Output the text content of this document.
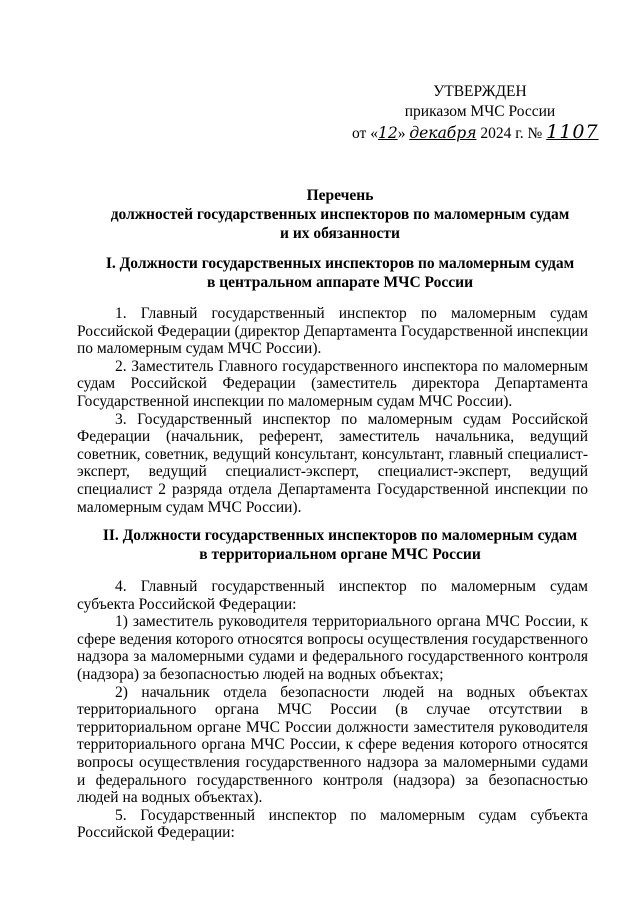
УТВЕРЖДЕН
приказом МЧС России
от «12» декабря 2024 г. № 1107
Перечень
должностей государственных инспекторов по маломерным судам
и их обязанности
I. Должности государственных инспекторов по маломерным судам
в центральном аппарате МЧС России

1. Главный государственный инспектор по маломерным судам Российской Федерации (директор Департамента Государственной инспекции по маломерным судам МЧС России).

2. Заместитель Главного государственного инспектора по маломерным судам Российской Федерации (заместитель директора Департамента Государственной инспекции по маломерным судам МЧС России).

3. Государственный инспектор по маломерным судам Российской Федерации (начальник, референт, заместитель начальника, ведущий советник, советник, ведущий консультант, консультант, главный специалист-эксперт, ведущий специалист-эксперт, специалист-эксперт, ведущий специалист 2 разряда отдела Департамента Государственной инспекции по маломерным судам МЧС России).

II. Должности государственных инспекторов по маломерным судам
в территориальном органе МЧС России

4. Главный государственный инспектор по маломерным судам субъекта Российской Федерации:

1) заместитель руководителя территориального органа МЧС России, к сфере ведения которого относятся вопросы осуществления государственного надзора за маломерными судами и федерального государственного контроля (надзора) за безопасностью людей на водных объектах;

2) начальник отдела безопасности людей на водных объектах территориального органа МЧС России (в случае отсутствии в территориальном органе МЧС России должности заместителя руководителя территориального органа МЧС России, к сфере ведения которого относятся вопросы осуществления государственного надзора за маломерными судами и федерального государственного контроля (надзора) за безопасностью людей на водных объектах).

5. Государственный инспектор по маломерным судам субъекта Российской Федерации:
